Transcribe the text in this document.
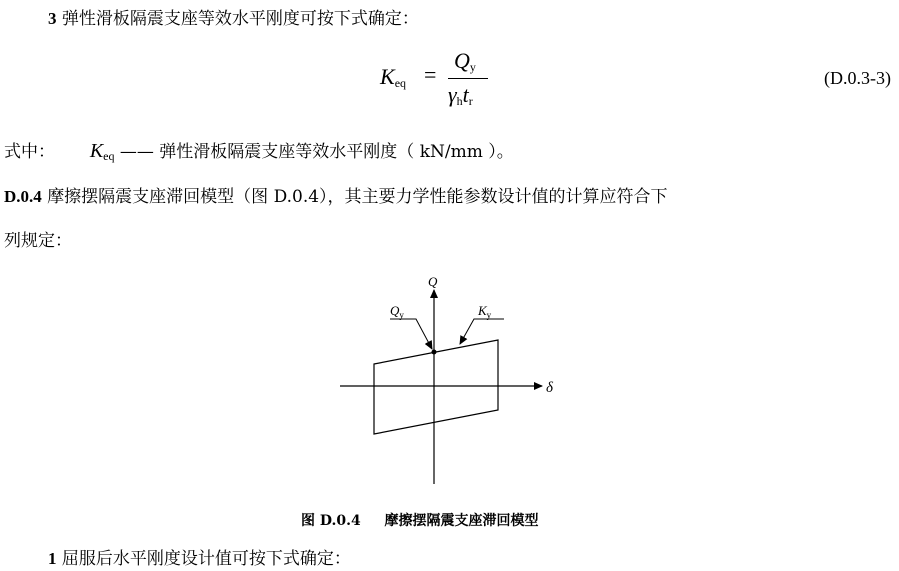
3 弹性滑板隔震支座等效水平刚度可按下式确定：
$K_{eq}$ =
$Q_y$
$\gamma_ht_r$
(D.0.3-3)
式中： $K_{eq}$ —— 弹性滑板隔震支座等效水平刚度（ kN/mm ）。
D.0.4 摩擦摆隔震支座滞回模型（图 D.0.4），其主要力学性能参数设计值的计算应符合下
列规定：
Q
δ
$Q_y$	$K_y$
图 D.0.4 摩擦摆隔震支座滞回模型
1 屈服后水平刚度设计值可按下式确定：
